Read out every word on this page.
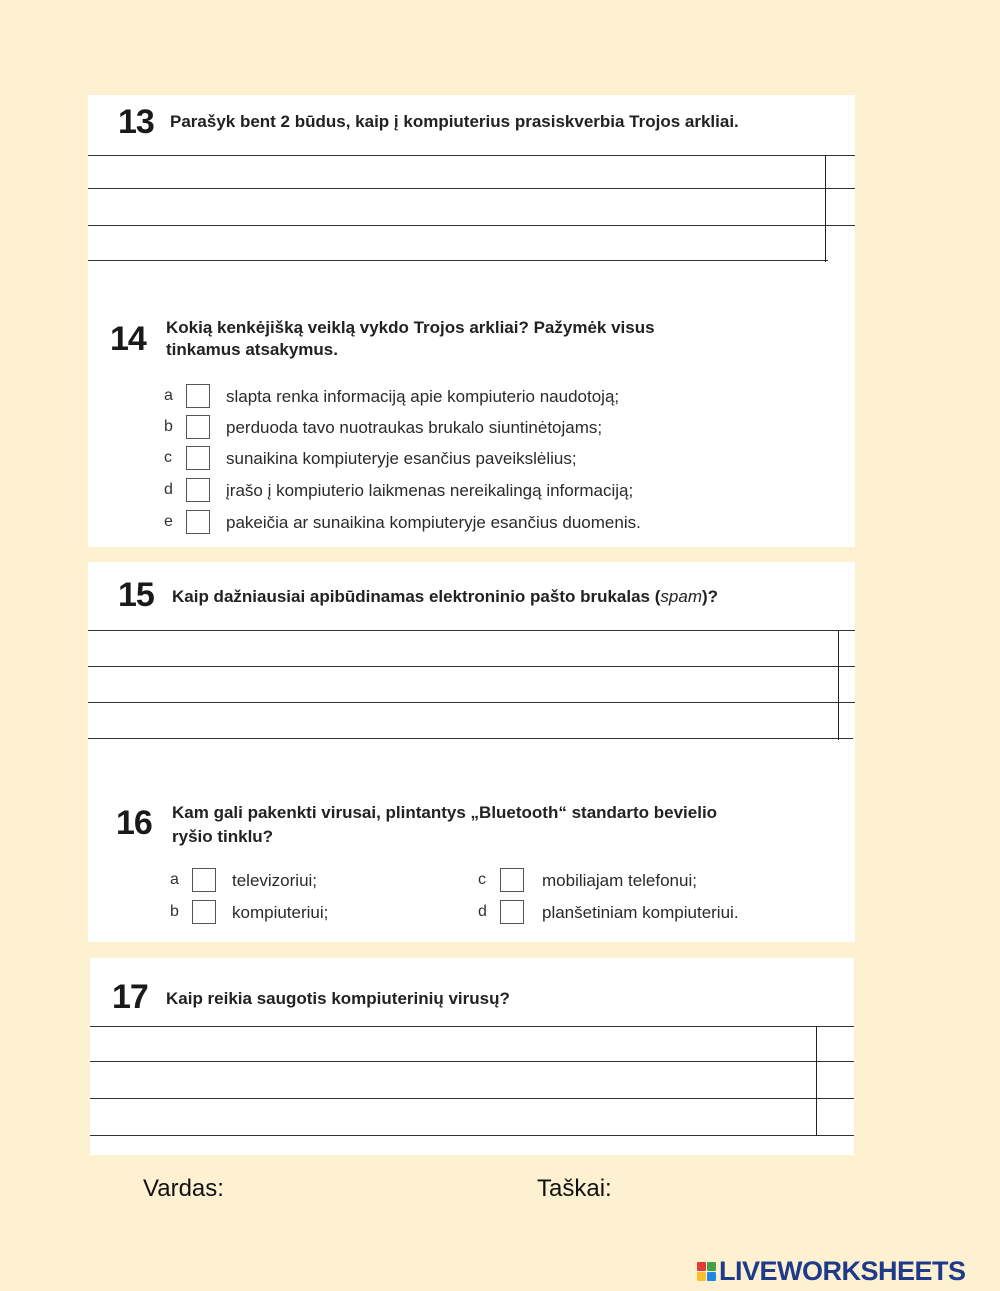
13 Parašyk bent 2 būdus, kaip į kompiuterius prasiskverbia Trojos arkliai.
14 Kokią kenkėjišką veiklą vykdo Trojos arkliai? Pažymėk visus
tinkamus atsakymus.
a	slapta renka informaciją apie kompiuterio naudotoją;
b	perduoda tavo nuotraukas brukalo siuntinėtojams;
c	sunaikina kompiuteryje esančius paveikslėlius;
d	įrašo į kompiuterio laikmenas nereikalingą informaciją;
e	pakeičia ar sunaikina kompiuteryje esančius duomenis.
15 Kaip dažniausiai apibūdinamas elektroninio pašto brukalas (spam)?
16 Kam gali pakenkti virusai, plintantys „Bluetooth“ standarto bevielio
ryšio tinklu?
a	televizoriui;
b	kompiuteriui;
c	mobiliajam telefonui;
d	planšetiniam kompiuteriui.
17 Kaip reikia saugotis kompiuterinių virusų?
Vardas:	Taškai:
LIVEWORKSHEETS
